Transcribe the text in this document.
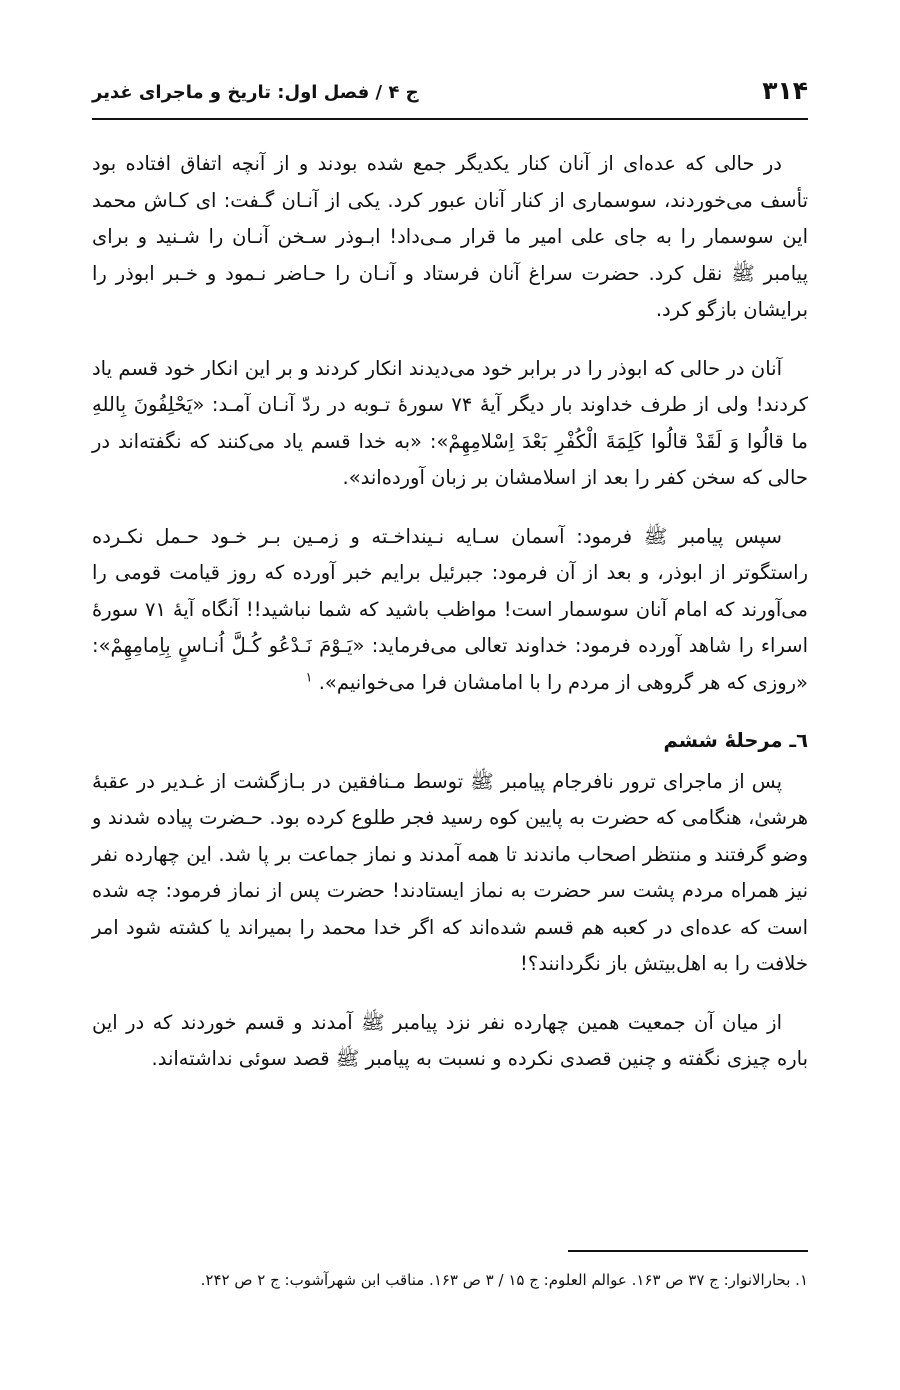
۳۱۴
ج ۴ / فصل اول: تاریخ و ماجرای غدیر

در حالی که عده‌ای از آنان کنار یکدیگر جمع شده بودند و از آنچه اتفاق افتاده بود تأسف می‌خوردند، سوسماری از کنار آنان عبور کرد. یکی از آنـان گـفت: ای کـاش محمد این سوسمار را به جای علی امیر ما قرار مـی‌داد! ابـوذر سـخن آنـان را شـنید و برای پیامبر ﷺ نقل کرد. حضرت سراغ آنان فرستاد و آنـان را حـاضر نـمود و خـبر ابوذر را برایشان بازگو کرد.

آنان در حالی که ابوذر را در برابر خود می‌دیدند انکار کردند و بر این انکار خود قسم یاد کردند! ولی از طرف خداوند بار دیگر آیهٔ ۷۴ سورهٔ تـوبه در ردّ آنـان آمـد: «یَحْلِفُونَ بِاللهِ ما قالُوا وَ لَقَدْ قالُوا کَلِمَةَ الْکُفْرِ بَعْدَ اِسْلامِهِمْ»: «به خدا قسم یاد می‌کنند که نگفته‌اند در حالی که سخن کفر را بعد از اسلامشان بر زبان آورده‌اند».

سپس پیامبر ﷺ فرمود: آسمان سـایه نـینداخـته و زمـین بـر خـود حـمل نکـرده راستگوتر از ابوذر، و بعد از آن فرمود: جبرئیل برایم خبر آورده که روز قیامت قومی را می‌آورند که امام آنان سوسمار است! مواظب باشید که شما نباشید!! آنگاه آیهٔ ۷۱ سورهٔ اسراء را شاهد آورده فرمود: خداوند تعالی می‌فرماید: «یَـوْمَ نَـدْعُو کُـلَّ اُنـاسٍ بِاِمامِهِمْ»: «روزی که هر گروهی از مردم را با امامشان فرا می‌خوانیم». $^۱$

٦ـ مرحلهٔ ششم

پس از ماجرای ترور نافرجام پیامبر ﷺ توسط مـنافقین در بـازگشت از غـدیر در عقبهٔ هرشیٰ، هنگامی که حضرت به پایین کوه رسید فجر طلوع کرده بود. حـضرت پیاده شدند و وضو گرفتند و منتظر اصحاب ماندند تا همه آمدند و نماز جماعت بر پا شد. این چهارده نفر نیز همراه مردم پشت سر حضرت به نماز ایستادند! حضرت پس از نماز فرمود: چه شده است که عده‌ای در کعبه هم قسم شده‌اند که اگر خدا محمد را بمیراند یا کشته شود امر خلافت را به اهل‌بیتش باز نگردانند؟!

از میان آن جمعیت همین چهارده نفر نزد پیامبر ﷺ آمدند و قسم خوردند که در این باره چیزی نگفته و چنین قصدی نکرده و نسبت به پیامبر ﷺ قصد سوئی نداشته‌اند.

۱. بحارالانوار: ج ۳۷ ص ۱۶۳. عوالم العلوم: ج ۱۵ / ۳ ص ۱۶۳. مناقب ابن شهرآشوب: ج ۲ ص ۲۴۲.
